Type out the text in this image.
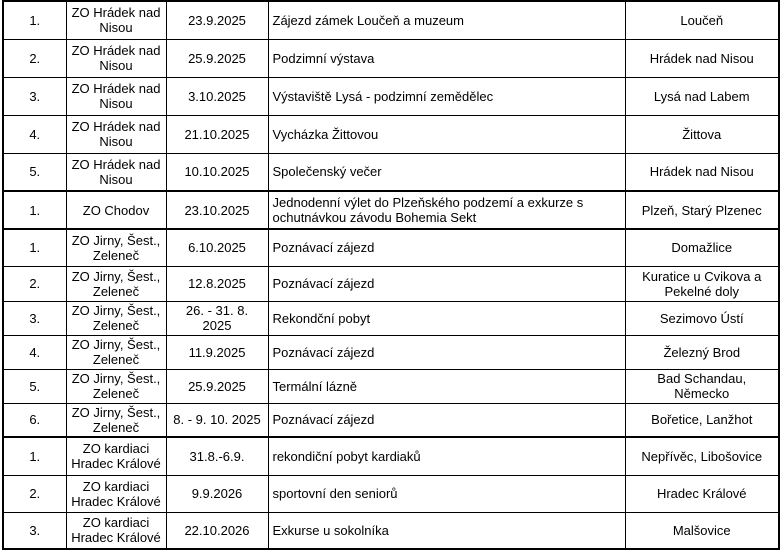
1.	ZO Hrádek nad Nisou	23.9.2025	Zájezd zámek Loučeň a muzeum	Loučeň
2.	ZO Hrádek nad Nisou	25.9.2025	Podzimní výstava	Hrádek nad Nisou
3.	ZO Hrádek nad Nisou	3.10.2025	Výstaviště Lysá - podzimní zemědělec	Lysá nad Labem
4.	ZO Hrádek nad Nisou	21.10.2025	Vycházka Žittovou	Žittova
5.	ZO Hrádek nad Nisou	10.10.2025	Společenský večer	Hrádek nad Nisou
1.	ZO Chodov	23.10.2025	Jednodenní výlet do Plzeňského podzemí a exkurze s ochutnávkou závodu Bohemia Sekt	Plzeň, Starý Plzenec
1.	ZO Jirny, Šest., Zeleneč	6.10.2025	Poznávací zájezd	Domažlice
2.	ZO Jirny, Šest., Zeleneč	12.8.2025	Poznávací zájezd	Kuratice u Cvikova a Pekelné doly
3.	ZO Jirny, Šest., Zeleneč	26. - 31. 8. 2025	Rekondční pobyt	Sezimovo Ústí
4.	ZO Jirny, Šest., Zeleneč	11.9.2025	Poznávací zájezd	Železný Brod
5.	ZO Jirny, Šest., Zeleneč	25.9.2025	Termální lázně	Bad Schandau, Německo
6.	ZO Jirny, Šest., Zeleneč	8. - 9. 10. 2025	Poznávací zájezd	Bořetice, Lanžhot
1.	ZO kardiaci Hradec Králové	31.8.-6.9.	rekondiční pobyt kardiaků	Nepřívěc, Libošovice
2.	ZO kardiaci Hradec Králové	9.9.2026	sportovní den seniorů	Hradec Králové
3.	ZO kardiaci Hradec Králové	22.10.2026	Exkurse u sokolníka	Malšovice
